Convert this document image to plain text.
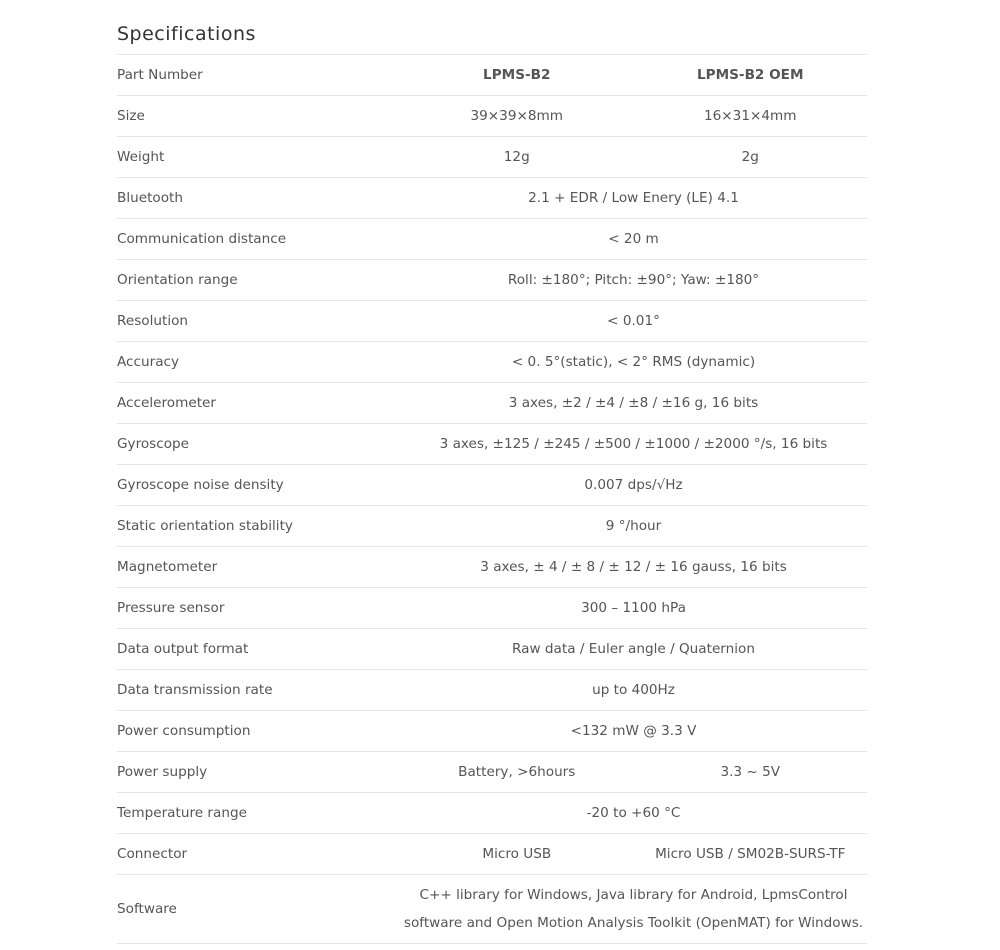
Specifications
Part Number	LPMS-B2	LPMS-B2 OEM
Size	39×39×8mm	16×31×4mm
Weight	12g	2g
Bluetooth	2.1 + EDR / Low Enery (LE) 4.1	
Communication distance	< 20 m	
Orientation range	Roll: ±180°; Pitch: ±90°; Yaw: ±180°	
Resolution	< 0.01°	
Accuracy	< 0. 5°(static), < 2° RMS (dynamic)	
Accelerometer	3 axes, ±2 / ±4 / ±8 / ±16 g, 16 bits	
Gyroscope	3 axes, ±125 / ±245 / ±500 / ±1000 / ±2000 °/s, 16 bits	
Gyroscope noise density	0.007 dps/√Hz	
Static orientation stability	9 °/hour	
Magnetometer	3 axes, ± 4 / ± 8 / ± 12 / ± 16 gauss, 16 bits	
Pressure sensor	300 – 1100 hPa	
Data output format	Raw data / Euler angle / Quaternion	
Data transmission rate	up to 400Hz	
Power consumption	<132 mW @ 3.3 V	
Power supply	Battery, >6hours	3.3 ~ 5V
Temperature range	-20 to +60 °C	
Connector	Micro USB	Micro USB / SM02B-SURS-TF
Software	C++ library for Windows, Java library for Android, LpmsControl
software and Open Motion Analysis Toolkit (OpenMAT) for Windows.	
